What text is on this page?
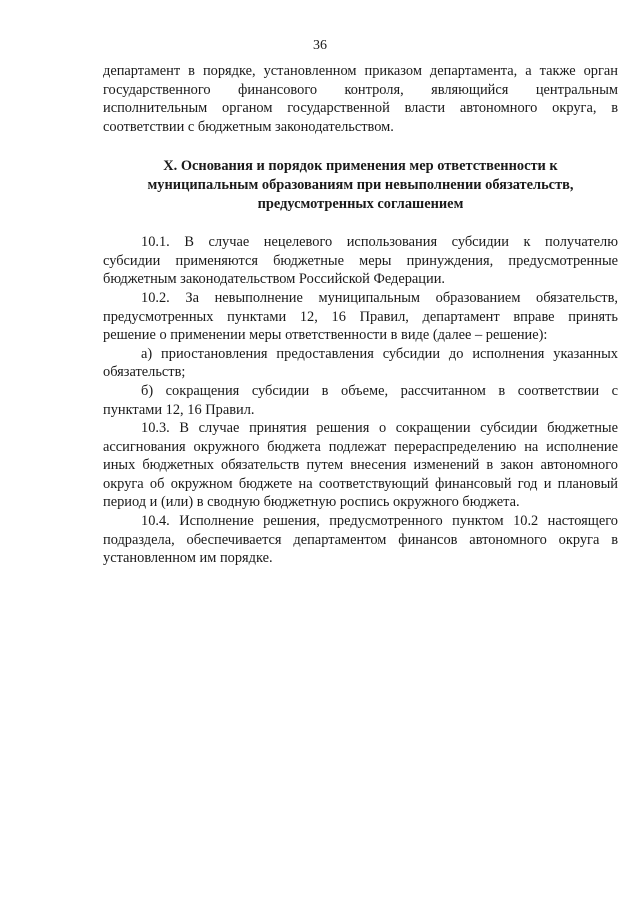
36
департамент в порядке, установленном приказом департамента, а также орган
государственного финансового контроля, являющийся центральным
исполнительным органом государственной власти автономного округа, в
соответствии с бюджетным законодательством.
X. Основания и порядок применения мер ответственности к
муниципальным образованиям при невыполнении обязательств,
предусмотренных соглашением
10.1. В случае нецелевого использования субсидии к получателю
субсидии применяются бюджетные меры принуждения, предусмотренные
бюджетным законодательством Российской Федерации.
10.2. За невыполнение муниципальным образованием обязательств,
предусмотренных пунктами 12, 16 Правил, департамент вправе принять
решение о применении меры ответственности в виде (далее – решение):
а) приостановления предоставления субсидии до исполнения указанных
обязательств;
б) сокращения субсидии в объеме, рассчитанном в соответствии с
пунктами 12, 16 Правил.
10.3. В случае принятия решения о сокращении субсидии бюджетные
ассигнования окружного бюджета подлежат перераспределению на исполнение
иных бюджетных обязательств путем внесения изменений в закон автономного
округа об окружном бюджете на соответствующий финансовый год и плановый
период и (или) в сводную бюджетную роспись окружного бюджета.
10.4. Исполнение решения, предусмотренного пунктом 10.2 настоящего
подраздела, обеспечивается департаментом финансов автономного округа в
установленном им порядке.
